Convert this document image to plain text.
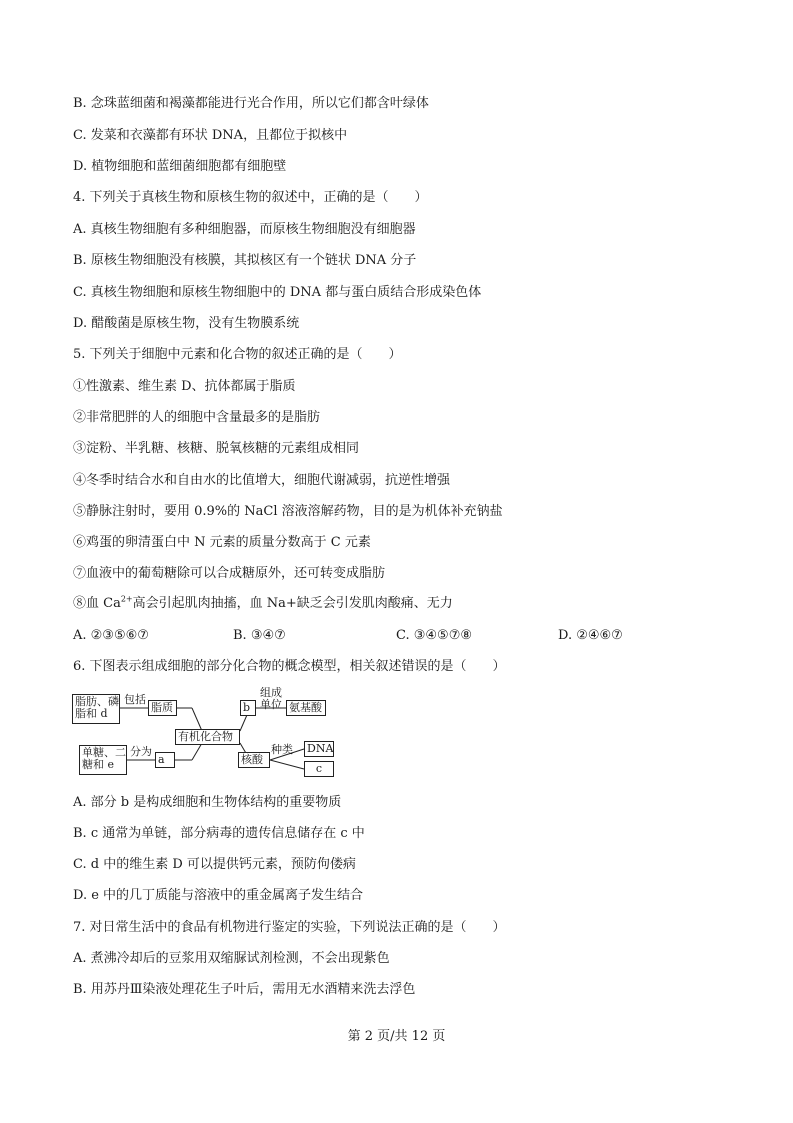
B. 念珠蓝细菌和褐藻都能进行光合作用，所以它们都含叶绿体
C. 发菜和衣藻都有环状 DNA，且都位于拟核中
D. 植物细胞和蓝细菌细胞都有细胞壁
4. 下列关于真核生物和原核生物的叙述中，正确的是（　　）
A. 真核生物细胞有多种细胞器，而原核生物细胞没有细胞器
B. 原核生物细胞没有核膜，其拟核区有一个链状 DNA 分子
C. 真核生物细胞和原核生物细胞中的 DNA 都与蛋白质结合形成染色体
D. 醋酸菌是原核生物，没有生物膜系统
5. 下列关于细胞中元素和化合物的叙述正确的是（　　）
①性激素、维生素 D、抗体都属于脂质
②非常肥胖的人的细胞中含量最多的是脂肪
③淀粉、半乳糖、核糖、脱氧核糖的元素组成相同
④冬季时结合水和自由水的比值增大，细胞代谢减弱，抗逆性增强
⑤静脉注射时，要用 0.9%的 NaCl 溶液溶解药物，目的是为机体补充钠盐
⑥鸡蛋的卵清蛋白中 N 元素的质量分数高于 C 元素
⑦血液中的葡萄糖除可以合成糖原外，还可转变成脂肪
⑧血 $Ca^{2+}$高会引起肌肉抽搐，血 Na+缺乏会引发肌肉酸痛、无力
A. ②③⑤⑥⑦	B. ③④⑦	C. ③④⑤⑦⑧	D. ②④⑥⑦
6. 下图表示组成细胞的部分化合物的概念模型，相关叙述错误的是（　　）
脂肪、磷
脂和 d
包括
脂质
有机化合物
b
组成
单位 氨基酸
单糖、二
糖和 e
分为
a	核酸
种类 DNA
c
A. 部分 b 是构成细胞和生物体结构的重要物质
B. c 通常为单链，部分病毒的遗传信息储存在 c 中
C. d 中的维生素 D 可以提供钙元素，预防佝偻病
D. e 中的几丁质能与溶液中的重金属离子发生结合
7. 对日常生活中的食品有机物进行鉴定的实验，下列说法正确的是（　　）
A. 煮沸冷却后的豆浆用双缩脲试剂检测，不会出现紫色
B. 用苏丹Ⅲ染液处理花生子叶后，需用无水酒精来洗去浮色
第 2 页/共 12 页
